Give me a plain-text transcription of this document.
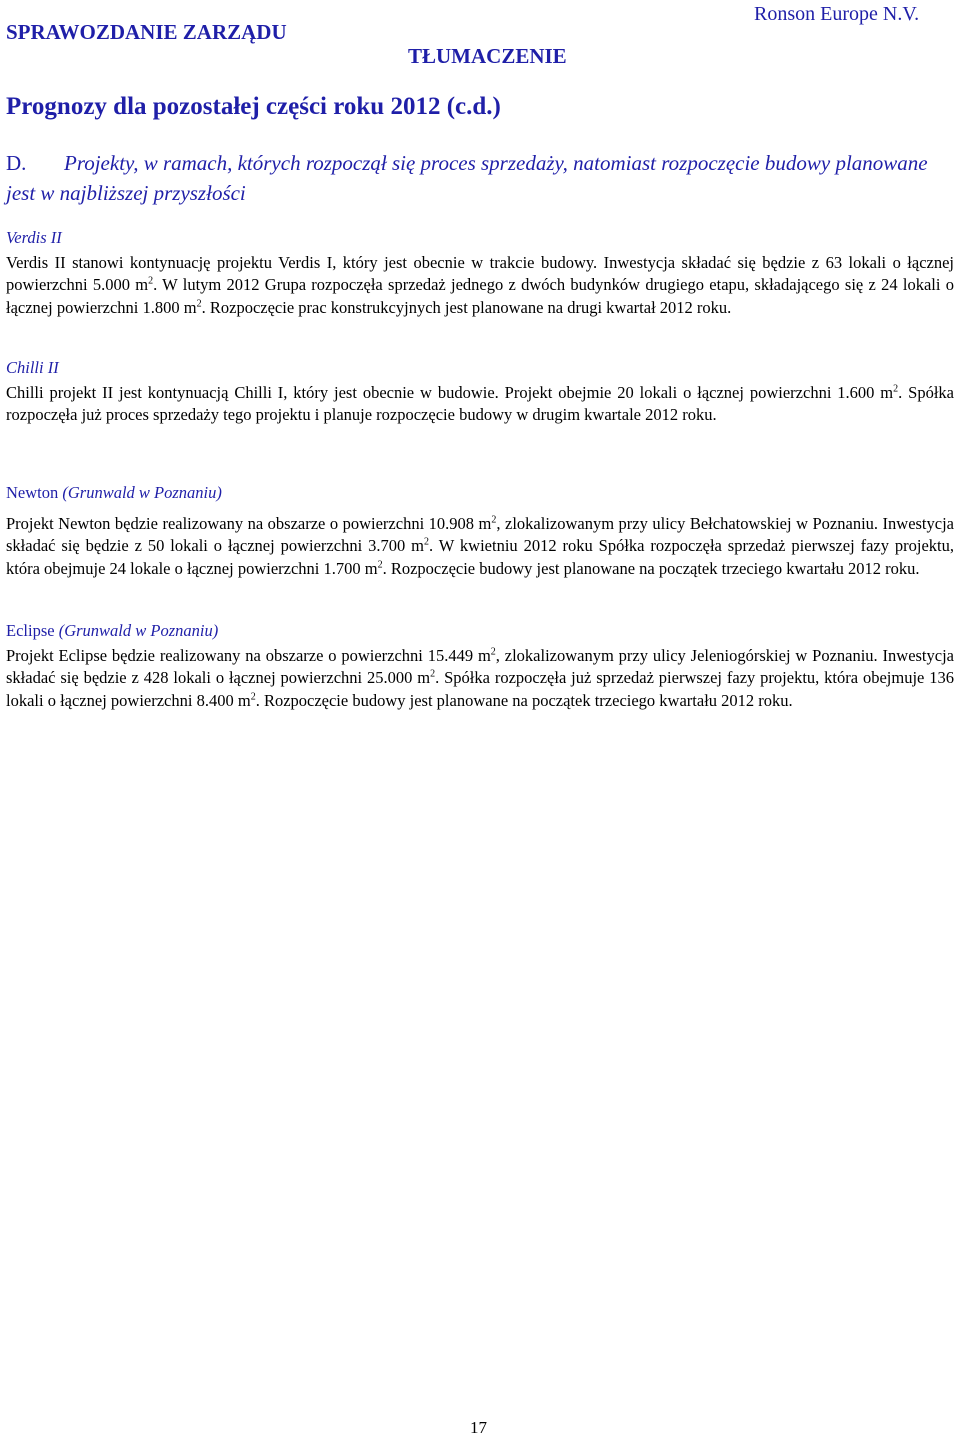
SPRAWOZDANIE ZARZĄDU
TŁUMACZENIE
Ronson Europe N.V.
Prognozy dla pozostałej części roku 2012 (c.d.)
D. Projekty, w ramach, których rozpoczął się proces sprzedaży, natomiast rozpoczęcie budowy planowane jest w najbliższej przyszłości
Verdis II
Verdis II stanowi kontynuację projektu Verdis I, który jest obecnie w trakcie budowy. Inwestycja składać się będzie z 63 lokali o łącznej powierzchni 5.000 $m^2$. W lutym 2012 Grupa rozpoczęła sprzedaż jednego z dwóch budynków drugiego etapu, składającego się z 24 lokali o łącznej powierzchni 1.800 $m^2$. Rozpoczęcie prac konstrukcyjnych jest planowane na drugi kwartał 2012 roku.
Chilli II
Chilli projekt II jest kontynuacją Chilli I, który jest obecnie w budowie. Projekt obejmie 20 lokali o łącznej powierzchni 1.600 $m^2$. Spółka rozpoczęła już proces sprzedaży tego projektu i planuje rozpoczęcie budowy w drugim kwartale 2012 roku.
Newton (Grunwald w Poznaniu)
Projekt Newton będzie realizowany na obszarze o powierzchni 10.908 $m^2$, zlokalizowanym przy ulicy Bełchatowskiej w Poznaniu. Inwestycja składać się będzie z 50 lokali o łącznej powierzchni 3.700 $m^2$. W kwietniu 2012 roku Spółka rozpoczęła sprzedaż pierwszej fazy projektu, która obejmuje 24 lokale o łącznej powierzchni 1.700 $m^2$. Rozpoczęcie budowy jest planowane na początek trzeciego kwartału 2012 roku.
Eclipse (Grunwald w Poznaniu)
Projekt Eclipse będzie realizowany na obszarze o powierzchni 15.449 $m^2$, zlokalizowanym przy ulicy Jeleniogórskiej w Poznaniu. Inwestycja składać się będzie z 428 lokali o łącznej powierzchni 25.000 $m^2$. Spółka rozpoczęła już sprzedaż pierwszej fazy projektu, która obejmuje 136 lokali o łącznej powierzchni 8.400 $m^2$. Rozpoczęcie budowy jest planowane na początek trzeciego kwartału 2012 roku.
17
